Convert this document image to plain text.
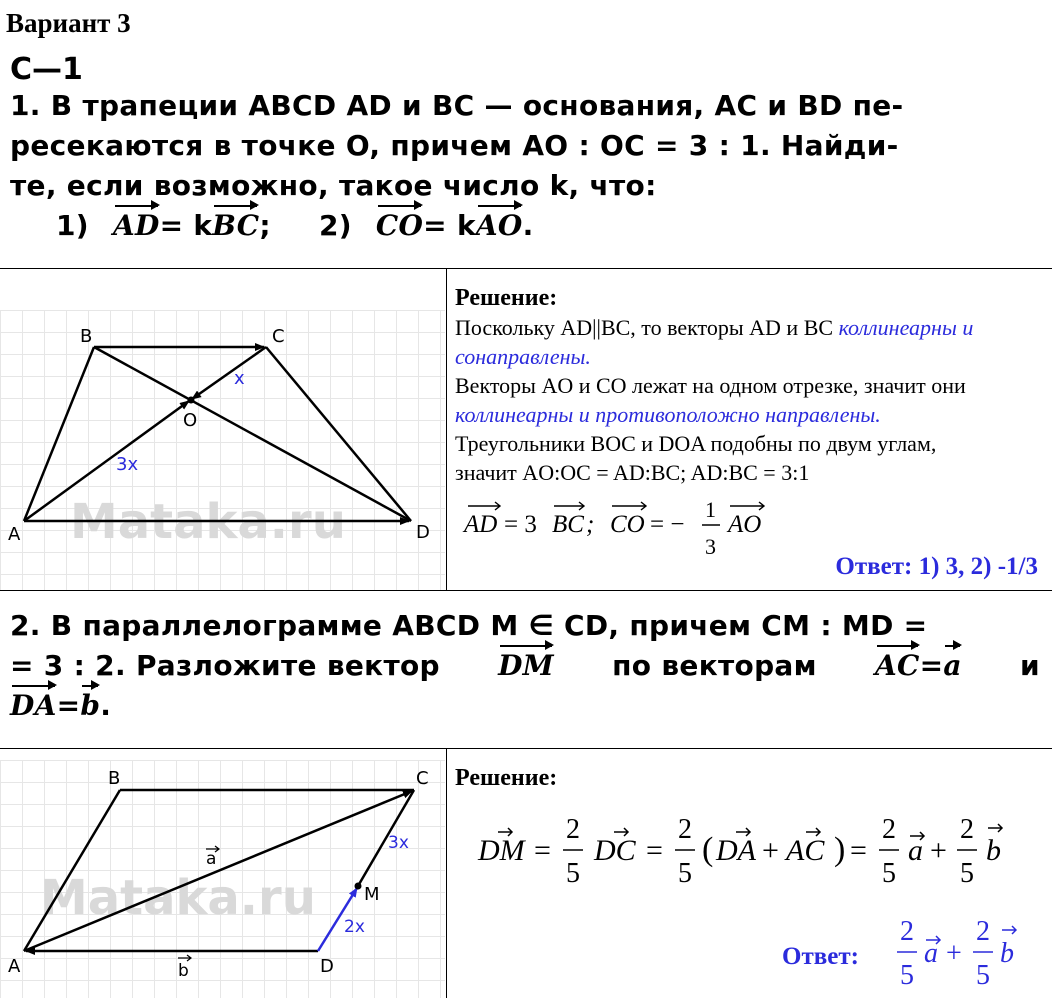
Вариант 3
С—1
1. В трапеции ABCD AD и BC — основания, AC и BD пе-
ресекаются в точке O, причем AO : OC = 3 : 1. Найди-
те, если возможно, такое число k, что:
1) AD= kBC; 2) CO= kAO.
Mataka.ru
B	C
A	D
O
x
3x
Решение:
Поскольку AD||BC, то векторы AD и BC коллинеарны и сонаправлены.
Векторы AO и CO лежат на одном отрезке, значит они коллинеарны и противоположно направлены.
Треугольники BOC и DOA подобны по двум углам,
значит AO:OC = AD:BC; AD:BC = 3:1
AD = 3 BC ; CO = −
1
3
AO
Ответ: 1) 3, 2) -1/3
2. В параллелограмме ABCD M ∈ CD, причем CM : MD =
= 3 : 2. Разложите вектор DM по векторам AC=a и
DA=b.
Mataka.ru
B	C
A	D
M
a
b
3x
2x
Решение:
DM =
2
5
DC =
2
5
( DA + AC ) =
2
5
a +
2
5
b
Ответ:
2
5
a +
2
5
b
